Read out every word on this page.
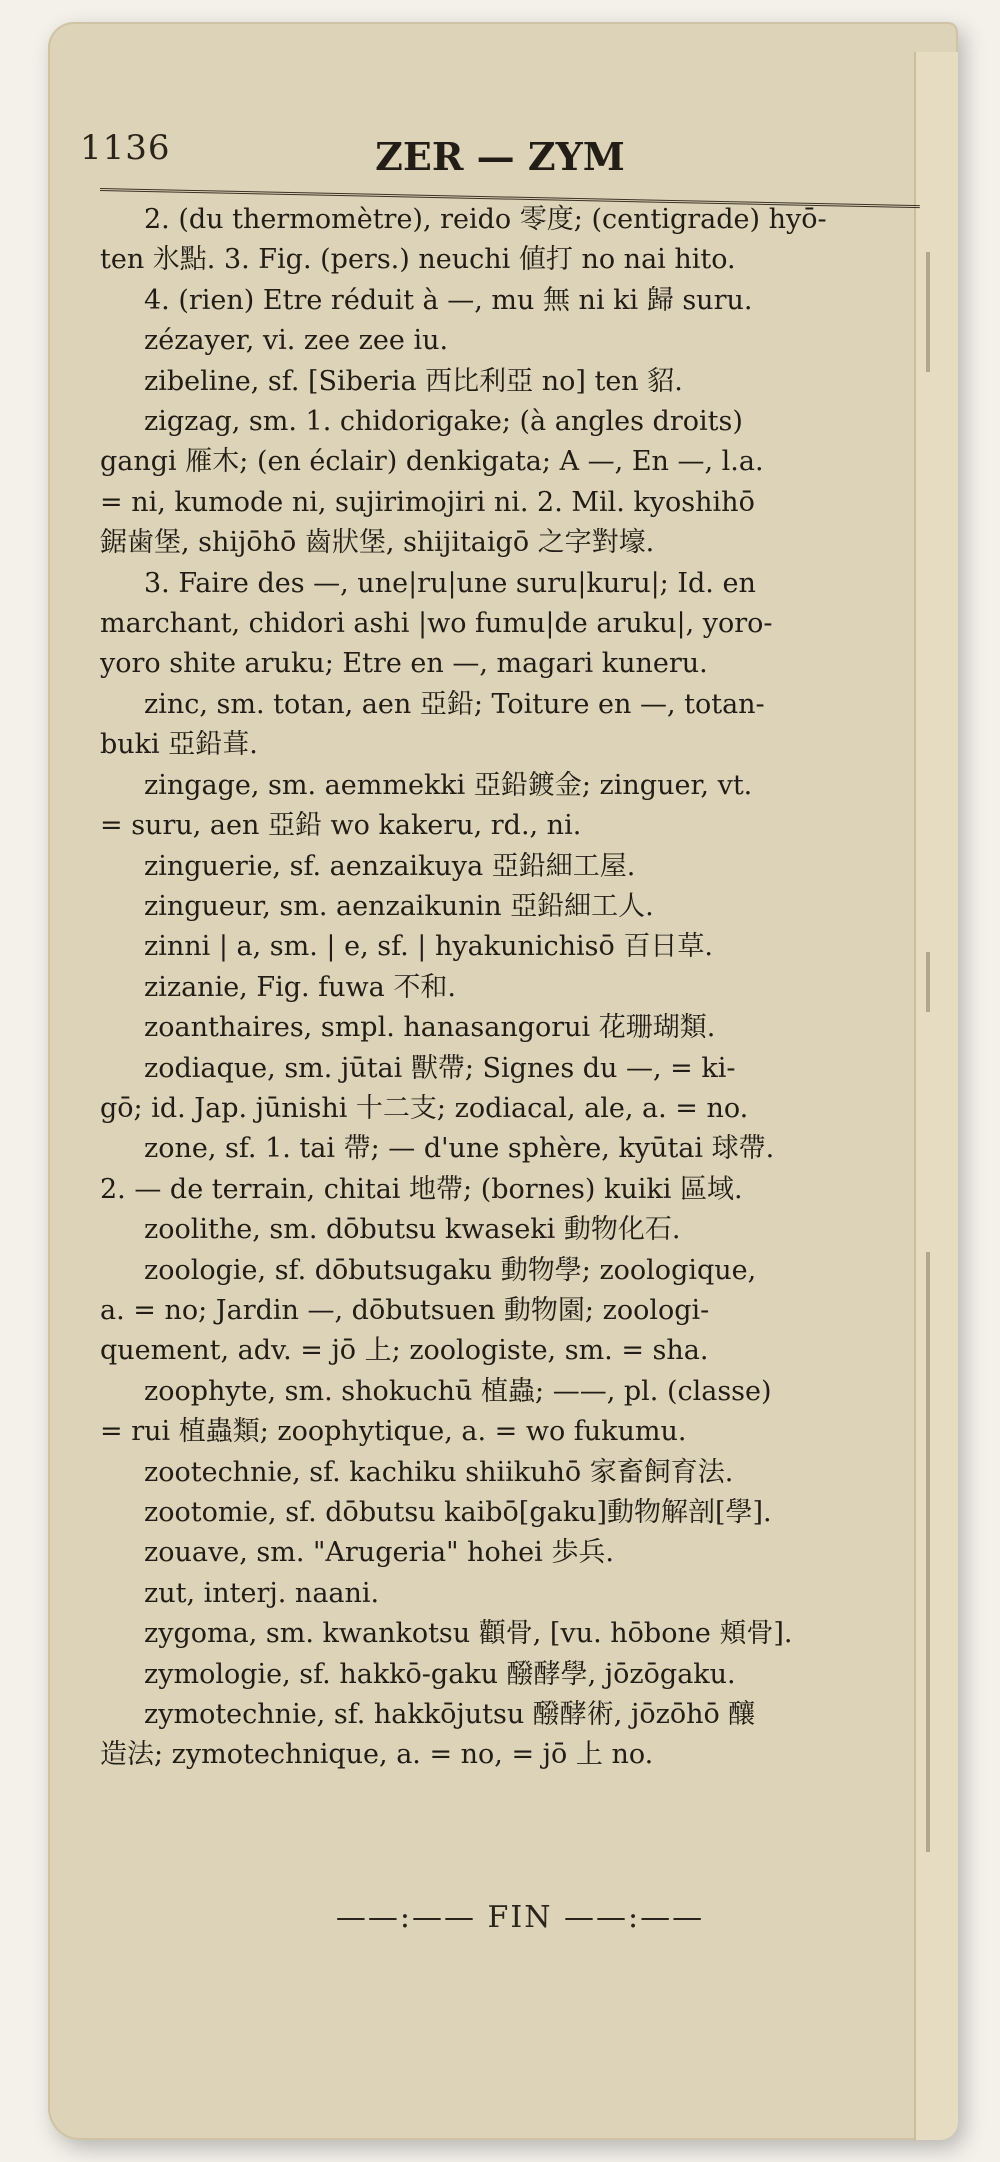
1136	ZER — ZYM

2. (du thermomètre), reido 零度; (centigrade) hyō-

ten 氷點. 3. Fig. (pers.) neuchi 値打 no nai hito.

4. (rien) Etre réduit à —, mu 無 ni ki 歸 suru.

zézayer, vi. zee zee iu.

zibeline, sf. [Siberia 西比利亞 no] ten 貂.

zigzag, sm. 1. chidorigake; (à angles droits)

gangi 雁木; (en éclair) denkigata; A —, En —, l.a.

= ni, kumode ni, sujirimojiri ni. 2. Mil. kyoshihō

鋸歯堡, shijōhō 齒狀堡, shijitaigō 之字對壕.

3. Faire des —, une|ru|une suru|kuru|; Id. en

marchant, chidori ashi |wo fumu|de aruku|, yoro-

yoro shite aruku; Etre en —, magari kuneru.

zinc, sm. totan, aen 亞鉛; Toiture en —, totan-

buki 亞鉛葺.

zingage, sm. aemmekki 亞鉛鍍金; zinguer, vt.

= suru, aen 亞鉛 wo kakeru, rd., ni.

zinguerie, sf. aenzaikuya 亞鉛細工屋.

zingueur, sm. aenzaikunin 亞鉛細工人.

zinni | a, sm. | e, sf. | hyakunichisō 百日草.

zizanie, Fig. fuwa 不和.

zoanthaires, smpl. hanasangorui 花珊瑚類.

zodiaque, sm. jūtai 獸帶; Signes du —, = ki-

gō; id. Jap. jūnishi 十二支; zodiacal, ale, a. = no.

zone, sf. 1. tai 帶; — d'une sphère, kyūtai 球帶.

2. — de terrain, chitai 地帶; (bornes) kuiki 區域.

zoolithe, sm. dōbutsu kwaseki 動物化石.

zoologie, sf. dōbutsugaku 動物學; zoologique,

a. = no; Jardin —, dōbutsuen 動物園; zoologi-

quement, adv. = jō 上; zoologiste, sm. = sha.

zoophyte, sm. shokuchū 植蟲; ——, pl. (classe)

= rui 植蟲類; zoophytique, a. = wo fukumu.

zootechnie, sf. kachiku shiikuhō 家畜飼育法.

zootomie, sf. dōbutsu kaibō[gaku]動物解剖[學].

zouave, sm. "Arugeria" hohei 歩兵.

zut, interj. naani.

zygoma, sm. kwankotsu 顴骨, [vu. hōbone 頬骨].

zymologie, sf. hakkō-gaku 醱酵學, jōzōgaku.

zymotechnie, sf. hakkōjutsu 醱酵術, jōzōhō 釀

造法; zymotechnique, a. = no, = jō 上 no.

——:—— FIN ——:——
